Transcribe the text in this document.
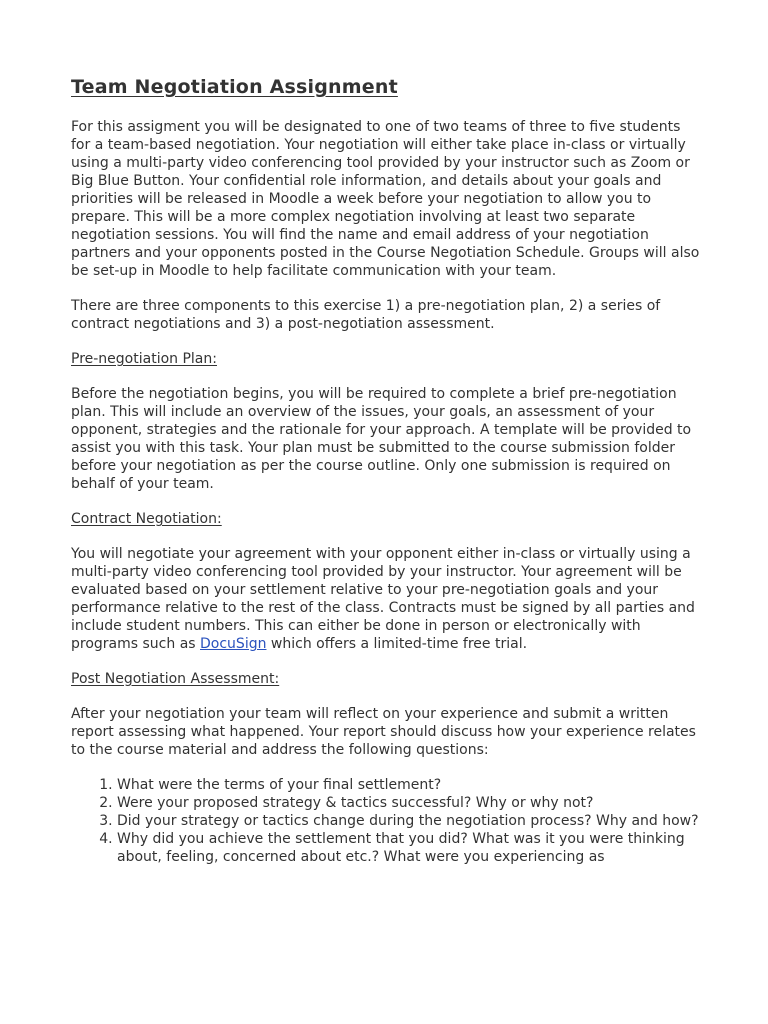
Team Negotiation Assignment

For this assigment you will be designated to one of two teams of three to five students for a team-based negotiation. Your negotiation will either take place in-class or virtually using a multi-party video conferencing tool provided by your instructor such as Zoom or Big Blue Button. Your confidential role information, and details about your goals and priorities will be released in Moodle a week before your negotiation to allow you to prepare. This will be a more complex negotiation involving at least two separate negotiation sessions. You will find the name and email address of your negotiation partners and your opponents posted in the Course Negotiation Schedule. Groups will also be set-up in Moodle to help facilitate communication with your team.

There are three components to this exercise 1) a pre-negotiation plan, 2) a series of contract negotiations and 3) a post-negotiation assessment.

Pre-negotiation Plan:

Before the negotiation begins, you will be required to complete a brief pre-negotiation plan. This will include an overview of the issues, your goals, an assessment of your opponent, strategies and the rationale for your approach. A template will be provided to assist you with this task. Your plan must be submitted to the course submission folder before your negotiation as per the course outline. Only one submission is required on behalf of your team.

Contract Negotiation:

You will negotiate your agreement with your opponent either in-class or virtually using a multi-party video conferencing tool provided by your instructor. Your agreement will be evaluated based on your settlement relative to your pre-negotiation goals and your performance relative to the rest of the class. Contracts must be signed by all parties and include student numbers. This can either be done in person or electronically with programs such as DocuSign which offers a limited-time free trial.

Post Negotiation Assessment:

After your negotiation your team will reflect on your experience and submit a written report assessing what happened. Your report should discuss how your experience relates to the course material and address the following questions:

1. What were the terms of your final settlement?
2. Were your proposed strategy & tactics successful? Why or why not?
3. Did your strategy or tactics change during the negotiation process? Why and how?
4. Why did you achieve the settlement that you did? What was it you were thinking about, feeling, concerned about etc.? What were you experiencing as
